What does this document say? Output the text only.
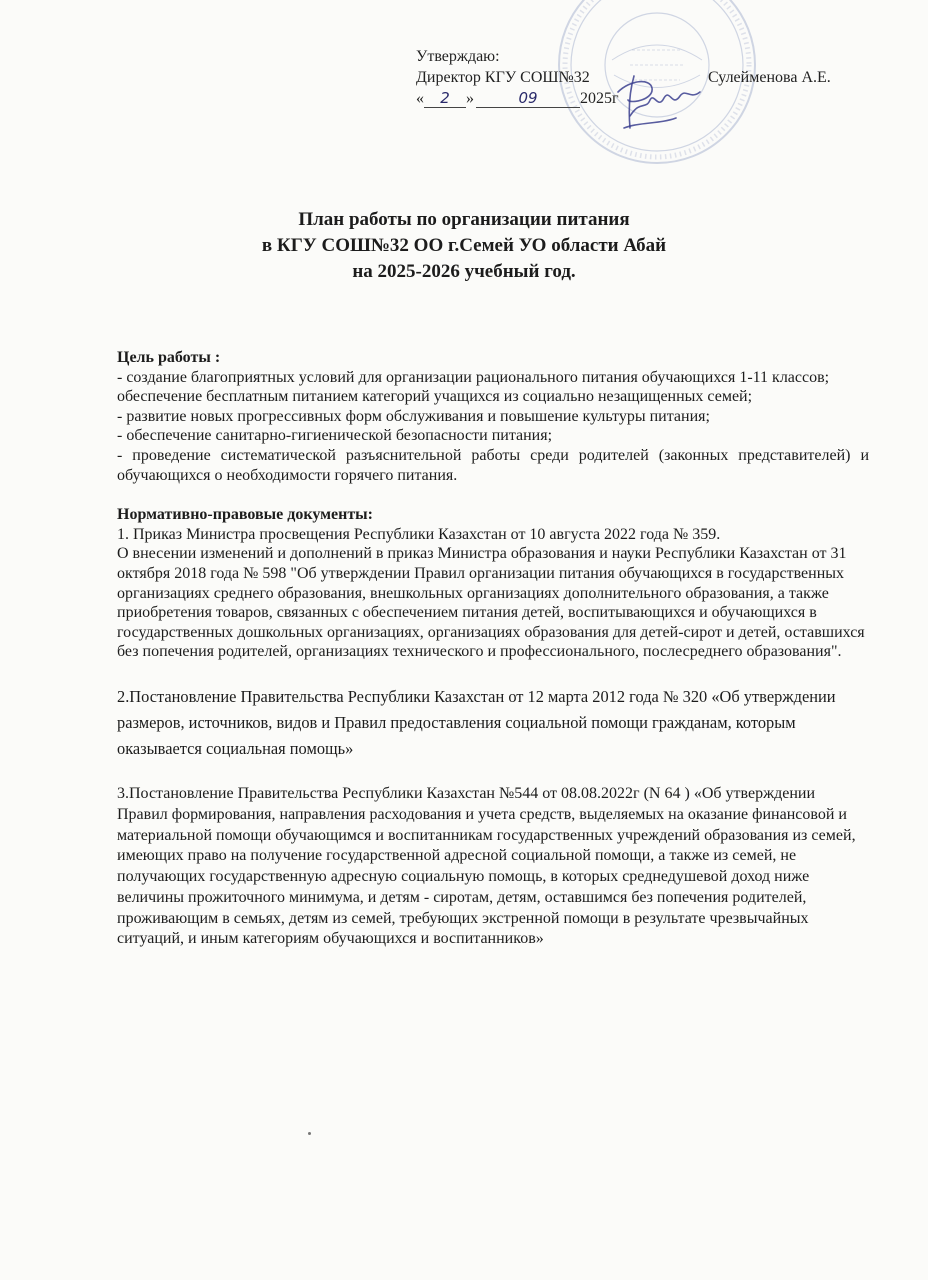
Утверждаю:
Директор КГУ СОШ№32	Сулейменова А.Е.
« 2 »	09	2025г
План работы по организации питания
в КГУ СОШ№32 ОО г.Семей УО области Абай
на 2025-2026 учебный год.

Цель работы :

- создание благоприятных условий для организации рационального питания обучающихся 1-11 классов;

обеспечение бесплатным питанием категорий учащихся из социально незащищенных семей;

- развитие новых прогрессивных форм обслуживания и повышение культуры питания;

- обеспечение санитарно-гигиенической безопасности питания;

- проведение систематической разъяснительной работы среди родителей (законных представителей) и обучающихся о необходимости горячего питания.

Нормативно-правовые документы:

1. Приказ Министра просвещения Республики Казахстан от 10 августа 2022 года № 359.

О внесении изменений и дополнений в приказ Министра образования и науки Республики Казахстан от 31 октября 2018 года № 598 "Об утверждении Правил организации питания обучающихся в государственных организациях среднего образования, внешкольных организациях дополнительного образования, а также приобретения товаров, связанных с обеспечением питания детей, воспитывающихся и обучающихся в государственных дошкольных организациях, организациях образования для детей-сирот и детей, оставшихся без попечения родителей, организациях технического и профессионального, послесреднего образования".

2.Постановление Правительства Республики Казахстан от 12 марта 2012 года № 320 «Об утверждении размеров, источников, видов и Правил предоставления социальной помощи гражданам, которым оказывается социальная помощь»

3.Постановление Правительства Республики Казахстан №544 от 08.08.2022г (N 64 ) «Об утверждении Правил формирования, направления расходования и учета средств, выделяемых на оказание финансовой и материальной помощи обучающимся и воспитанникам государственных учреждений образования из семей, имеющих право на получение государственной адресной социальной помощи, а также из семей, не получающих государственную адресную социальную помощь, в которых среднедушевой доход ниже величины прожиточного минимума, и детям - сиротам, детям, оставшимся без попечения родителей, проживающим в семьях, детям из семей, требующих экстренной помощи в результате чрезвычайных ситуаций, и иным категориям обучающихся и воспитанников»
